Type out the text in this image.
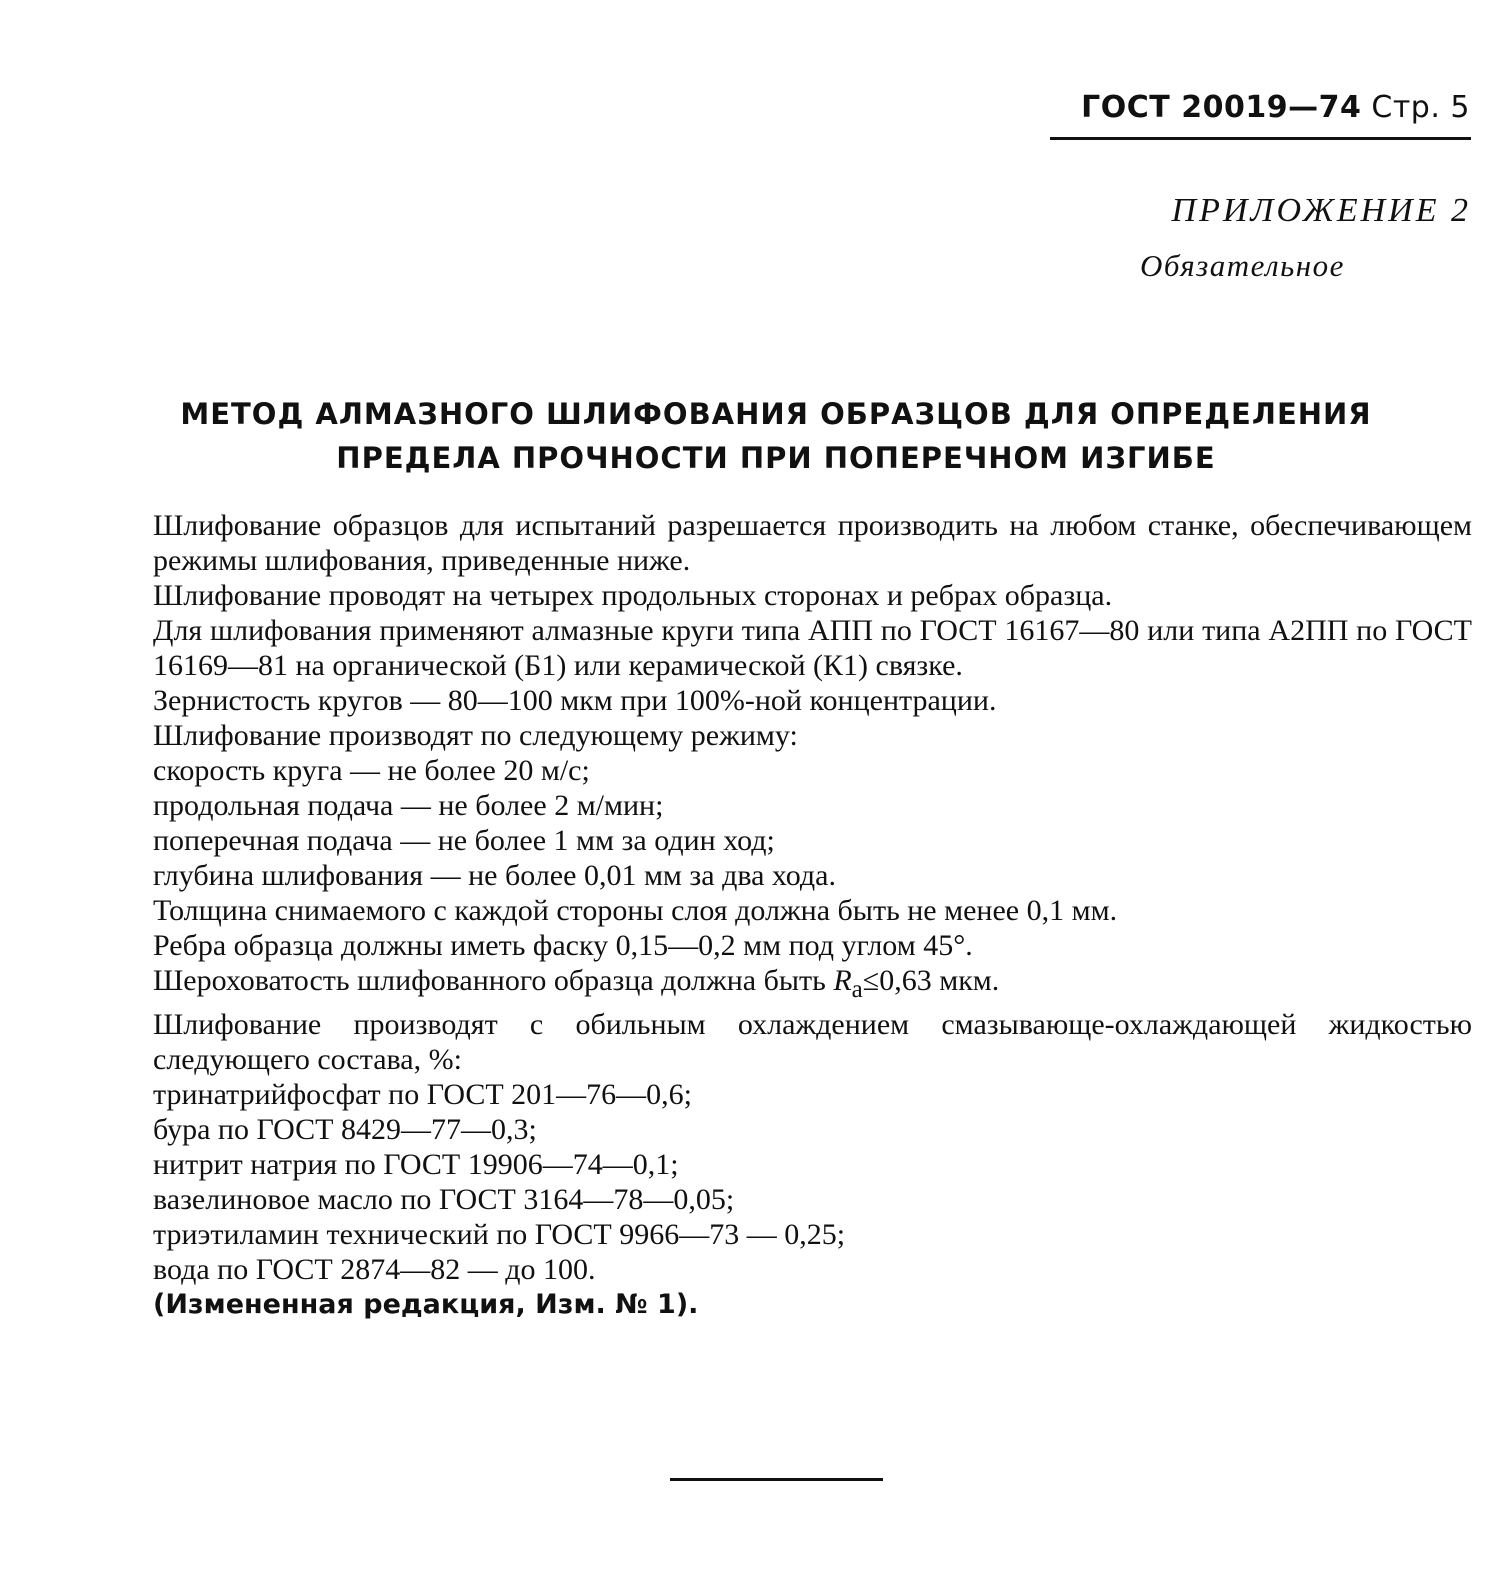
ГОСТ 20019—74 Стр. 5
ПРИЛОЖЕНИЕ 2
Обязательное
МЕТОД АЛМАЗНОГО ШЛИФОВАНИЯ ОБРАЗЦОВ ДЛЯ ОПРЕДЕЛЕНИЯ
ПРЕДЕЛА ПРОЧНОСТИ ПРИ ПОПЕРЕЧНОМ ИЗГИБЕ

Шлифование образцов для испытаний разрешается производить на любом станке, обеспечивающем режимы шлифования, приведенные ниже.

Шлифование проводят на четырех продольных сторонах и ребрах образца.

Для шлифования применяют алмазные круги типа АПП по ГОСТ 16167—80 или типа А2ПП по ГОСТ 16169—81 на органической (Б1) или керамической (К1) связке.

Зернистость кругов — 80—100 мкм при 100%-ной концентрации.

Шлифование производят по следующему режиму:

скорость круга — не более 20 м/с;

продольная подача — не более 2 м/мин;

поперечная подача — не более 1 мм за один ход;

глубина шлифования — не более 0,01 мм за два хода.

Толщина снимаемого с каждой стороны слоя должна быть не менее 0,1 мм.

Ребра образца должны иметь фаску 0,15—0,2 мм под углом 45°.

Шероховатость шлифованного образца должна быть $R_a\le 0,63$ мкм.

Шлифование производят с обильным охлаждением смазывающе-охлаждающей жидкостью следующего состава, %:

тринатрийфосфат по ГОСТ 201—76—0,6;

бура по ГОСТ 8429—77—0,3;

нитрит натрия по ГОСТ 19906—74—0,1;

вазелиновое масло по ГОСТ 3164—78—0,05;

триэтиламин технический по ГОСТ 9966—73 — 0,25;

вода по ГОСТ 2874—82 — до 100.

(Измененная редакция, Изм. № 1).
